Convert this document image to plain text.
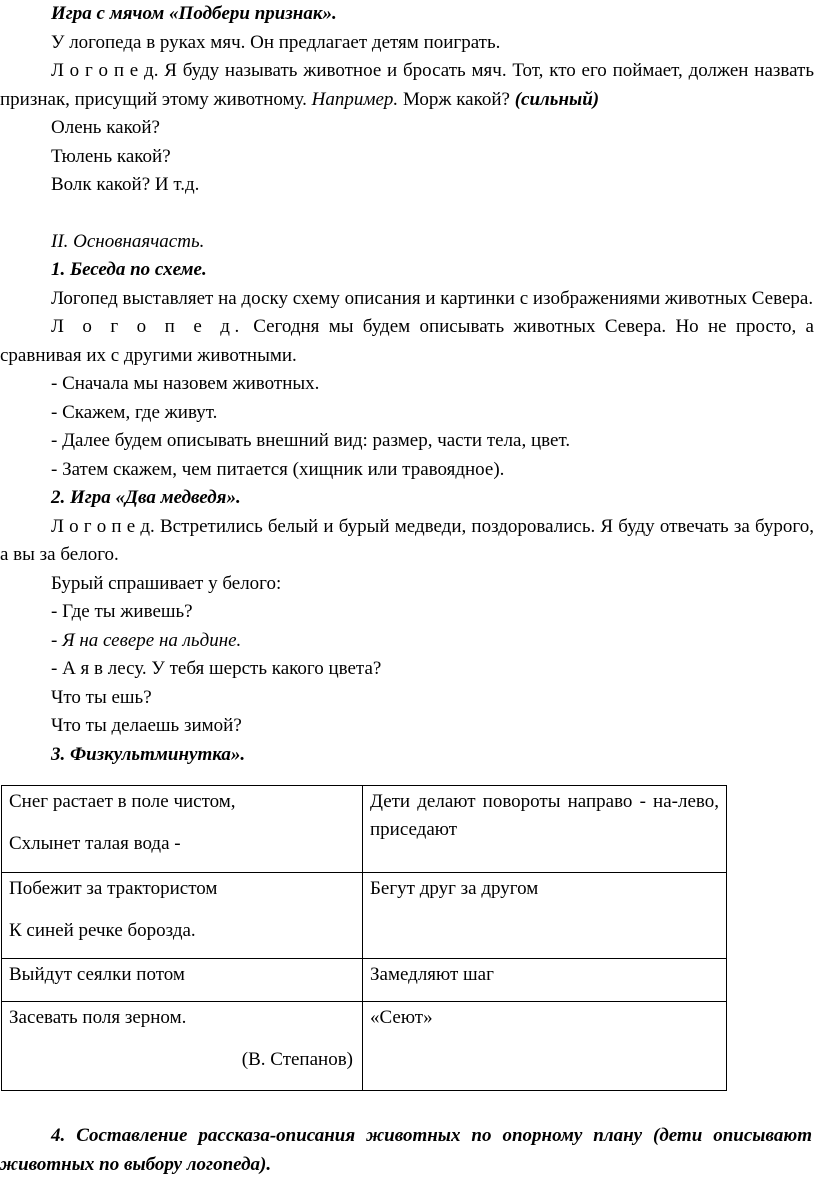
Игра с мячом «Подбери признак».

У логопеда в руках мяч. Он предлагает детям поиграть.

Л о г о п е д. Я буду называть животное и бросать мяч. Тот, кто его поймает, должен назвать признак, присущий этому животному. Например. Морж какой? (сильный)

Олень какой?

Тюлень какой?

Волк какой? И т.д.

II. Основнаячасть.

1. Беседа по схеме.

Логопед выставляет на доску схему описания и картинки с изображениями животных Севера.

Л о г о п е д. Сегодня мы будем описывать животных Севера. Но не просто, а сравнивая их с другими животными.

- Сначала мы назовем животных.

- Скажем, где живут.

- Далее будем описывать внешний вид: размер, части тела, цвет.

- Затем скажем, чем питается (хищник или травоядное).

2. Игра «Два медведя».

Л о г о п е д. Встретились белый и бурый медведи, поздоровались. Я буду отвечать за бурого, а вы за белого.

Бурый спрашивает у белого:

- Где ты живешь?

- Я на севере на льдине.

- А я в лесу. У тебя шерсть какого цвета?

Что ты ешь?

Что ты делаешь зимой?

3. Физкультминутка».

Снег растает в поле чистом,
Схлынет талая вода -	Дети делают повороты направо - на-лево, приседают

Побежит за трактористом
К синей речке борозда.	Бегут друг за другом

Выйдут сеялки потом	Замедляют шаг

Засевать поля зерном.
(В. Степанов)	«Сеют»

4. Составление рассказа-описания животных по опорному плану (дети описывают животных по выбору логопеда).
